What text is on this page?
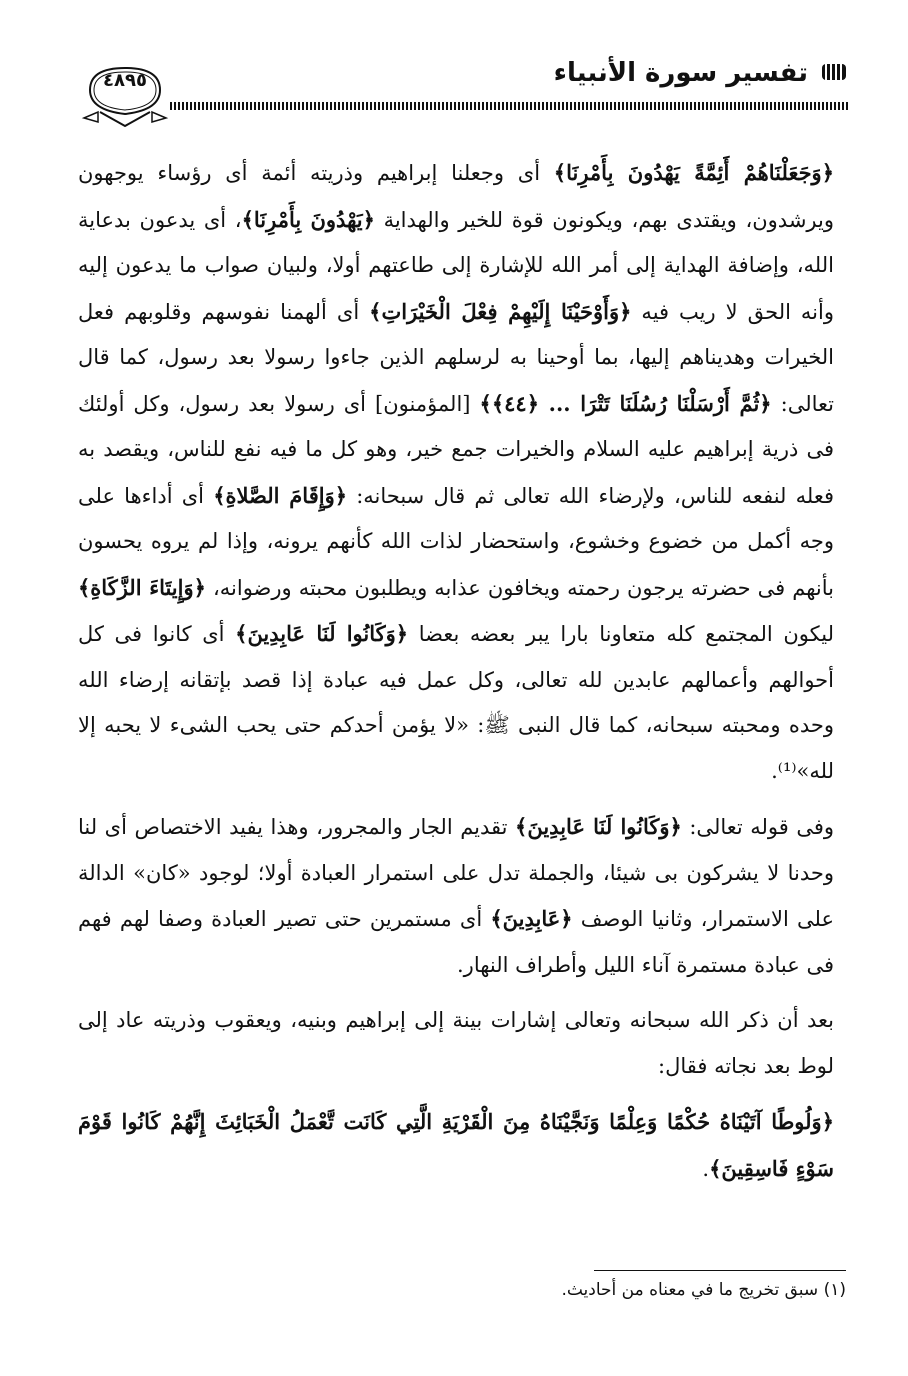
تفسير سورة الأنبياء
٤٨٩٥

﴿وَجَعَلْنَاهُمْ أَئِمَّةً يَهْدُونَ بِأَمْرِنَا﴾ أى وجعلنا إبراهيم وذريته أئمة أى رؤساء يوجهون ويرشدون، ويقتدى بهم، ويكونون قوة للخير والهداية ﴿يَهْدُونَ بِأَمْرِنَا﴾، أى يدعون بدعاية الله، وإضافة الهداية إلى أمر الله للإشارة إلى طاعتهم أولا، ولبيان صواب ما يدعون إليه وأنه الحق لا ريب فيه ﴿وَأَوْحَيْنَا إِلَيْهِمْ فِعْلَ الْخَيْرَاتِ﴾ أى ألهمنا نفوسهم وقلوبهم فعل الخيرات وهديناهم إليها، بما أوحينا به لرسلهم الذين جاءوا رسولا بعد رسول، كما قال تعالى: ﴿ثُمَّ أَرْسَلْنَا رُسُلَنَا تَتْرَا ... ﴿٤٤﴾﴾ [المؤمنون] أى رسولا بعد رسول، وكل أولئك فى ذرية إبراهيم عليه السلام والخيرات جمع خير، وهو كل ما فيه نفع للناس، ويقصد به فعله لنفعه للناس، ولإرضاء الله تعالى ثم قال سبحانه: ﴿وَإِقَامَ الصَّلاةِ﴾ أى أداءها على وجه أكمل من خضوع وخشوع، واستحضار لذات الله كأنهم يرونه، وإذا لم يروه يحسون بأنهم فى حضرته يرجون رحمته ويخافون عذابه ويطلبون محبته ورضوانه، ﴿وَإِيتَاءَ الزَّكَاةِ﴾ ليكون المجتمع كله متعاونا بارا يبر بعضه بعضا ﴿وَكَانُوا لَنَا عَابِدِينَ﴾ أى كانوا فى كل أحوالهم وأعمالهم عابدين لله تعالى، وكل عمل فيه عبادة إذا قصد بإتقانه إرضاء الله وحده ومحبته سبحانه، كما قال النبى ﷺ: «لا يؤمن أحدكم حتى يحب الشىء لا يحبه إلا لله»⁽¹⁾.

وفى قوله تعالى: ﴿وَكَانُوا لَنَا عَابِدِينَ﴾ تقديم الجار والمجرور، وهذا يفيد الاختصاص أى لنا وحدنا لا يشركون بى شيئا، والجملة تدل على استمرار العبادة أولا؛ لوجود «كان» الدالة على الاستمرار، وثانيا الوصف ﴿عَابِدِينَ﴾ أى مستمرين حتى تصير العبادة وصفا لهم فهم فى عبادة مستمرة آناء الليل وأطراف النهار.

بعد أن ذكر الله سبحانه وتعالى إشارات بينة إلى إبراهيم وبنيه، ويعقوب وذريته عاد إلى لوط بعد نجاته فقال:

﴿وَلُوطًا آتَيْنَاهُ حُكْمًا وَعِلْمًا وَنَجَّيْنَاهُ مِنَ الْقَرْيَةِ الَّتِي كَانَت تَّعْمَلُ الْخَبَائِثَ إِنَّهُمْ كَانُوا قَوْمَ سَوْءٍ فَاسِقِينَ﴾.

(١) سبق تخريج ما في معناه من أحاديث.
